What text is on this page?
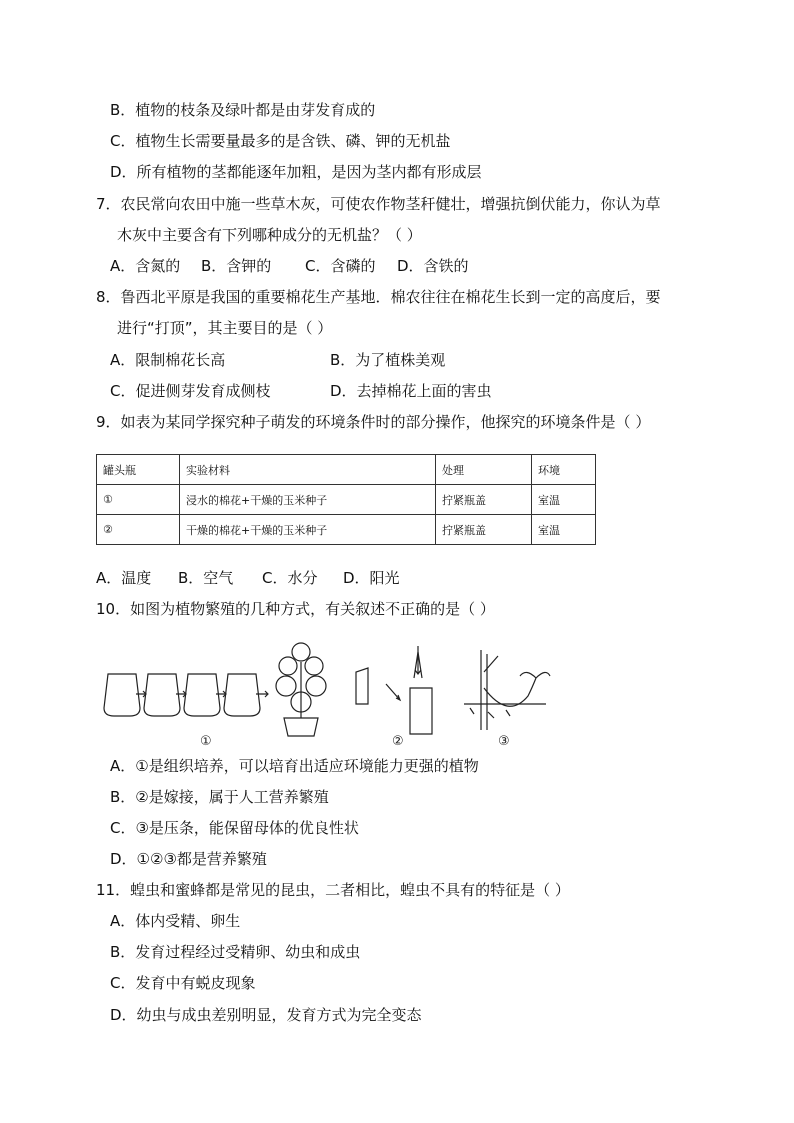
B．植物的枝条及绿叶都是由芽发育成的
C．植物生长需要量最多的是含铁、磷、钾的无机盐
D．所有植物的茎都能逐年加粗，是因为茎内都有形成层
7．农民常向农田中施一些草木灰，可使农作物茎秆健壮，增强抗倒伏能力，你认为草
木灰中主要含有下列哪种成分的无机盐？（ ）
A．含氮的 B．含钾的 C．含磷的 D．含铁的
8．鲁西北平原是我国的重要棉花生产基地．棉农往往在棉花生长到一定的高度后，要
进行“打顶”，其主要目的是（ ）
A．限制棉花长高	B．为了植株美观
C．促进侧芽发育成侧枝	D．去掉棉花上面的害虫
9．如表为某同学探究种子萌发的环境条件时的部分操作，他探究的环境条件是（ ）
罐头瓶	实验材料	处理	环境
①	浸水的棉花+干燥的玉米种子	拧紧瓶盖	室温
②	干燥的棉花+干燥的玉米种子	拧紧瓶盖	室温
A．温度 B．空气 C．水分 D．阳光
10．如图为植物繁殖的几种方式，有关叙述不正确的是（ ）
①	②	③
A．①是组织培养，可以培育出适应环境能力更强的植物
B．②是嫁接，属于人工营养繁殖
C．③是压条，能保留母体的优良性状
D．①②③都是营养繁殖
11．蝗虫和蜜蜂都是常见的昆虫，二者相比，蝗虫不具有的特征是（ ）
A．体内受精、卵生
B．发育过程经过受精卵、幼虫和成虫
C．发育中有蜕皮现象
D．幼虫与成虫差别明显，发育方式为完全变态
